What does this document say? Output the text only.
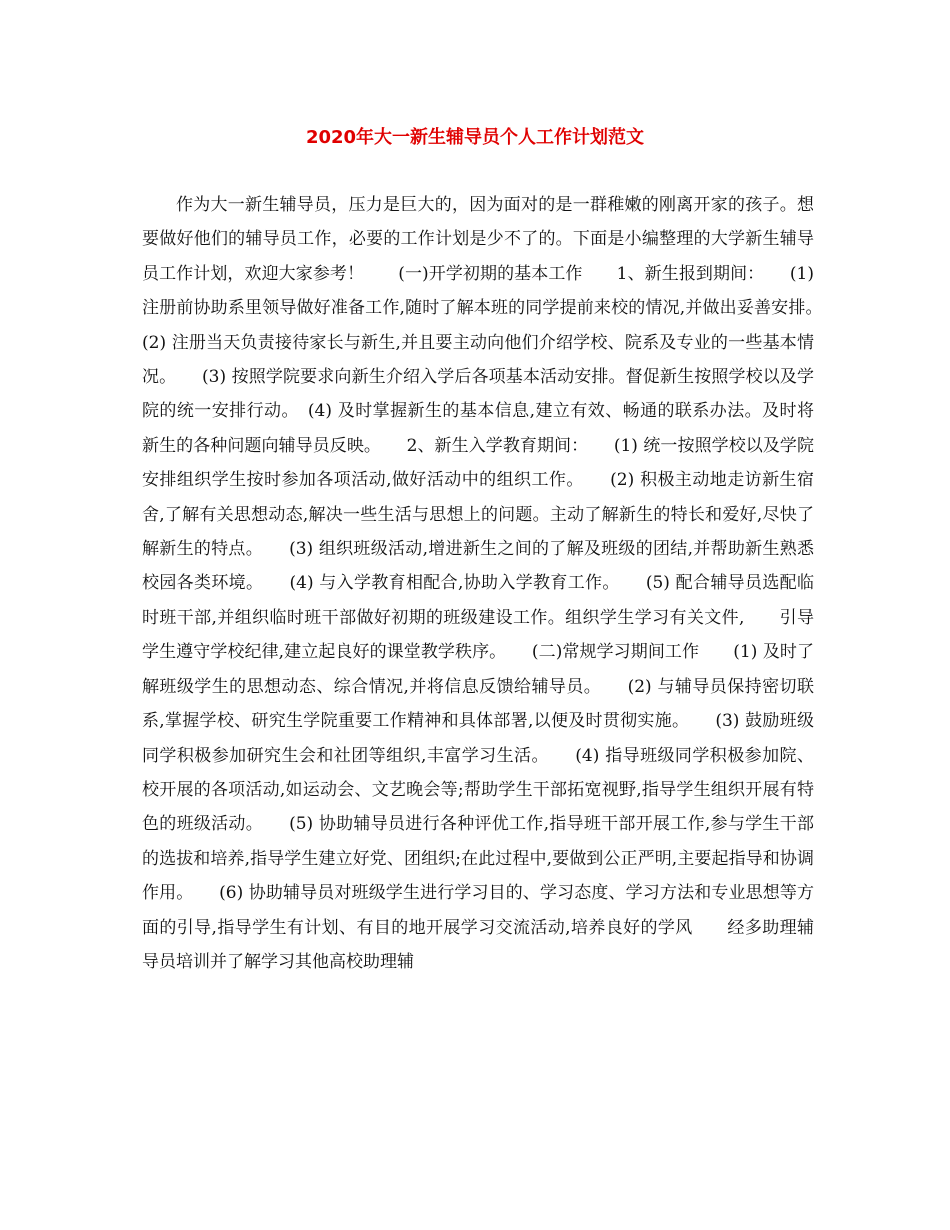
2020年大一新生辅导员个人工作计划范文

作为大一新生辅导员，压力是巨大的，因为面对的是一群稚嫩的刚离开家的孩子。想要做好他们的辅导员工作，必要的工作计划是少不了的。下面是小编整理的大学新生辅导员工作计划，欢迎大家参考！　　(一)开学初期的基本工作　　1、新生报到期间：　　(1) 注册前协助系里领导做好准备工作,随时了解本班的同学提前来校的情况,并做出妥善安排。　　(2) 注册当天负责接待家长与新生,并且要主动向他们介绍学校、院系及专业的一些基本情况。　　(3) 按照学院要求向新生介绍入学后各项基本活动安排。督促新生按照学校以及学院的统一安排行动。　(4) 及时掌握新生的基本信息,建立有效、畅通的联系办法。及时将新生的各种问题向辅导员反映。　　2、新生入学教育期间：　　(1) 统一按照学校以及学院安排组织学生按时参加各项活动,做好活动中的组织工作。　　(2) 积极主动地走访新生宿舍,了解有关思想动态,解决一些生活与思想上的问题。主动了解新生的特长和爱好,尽快了解新生的特点。　　(3) 组织班级活动,增进新生之间的了解及班级的团结,并帮助新生熟悉校园各类环境。　　(4) 与入学教育相配合,协助入学教育工作。　　(5) 配合辅导员选配临时班干部,并组织临时班干部做好初期的班级建设工作。组织学生学习有关文件,　　引导学生遵守学校纪律,建立起良好的课堂教学秩序。　　(二)常规学习期间工作　　(1) 及时了解班级学生的思想动态、综合情况,并将信息反馈给辅导员。　　(2) 与辅导员保持密切联系,掌握学校、研究生学院重要工作精神和具体部署,以便及时贯彻实施。　　(3) 鼓励班级同学积极参加研究生会和社团等组织,丰富学习生活。　　(4) 指导班级同学积极参加院、校开展的各项活动,如运动会、文艺晚会等;帮助学生干部拓宽视野,指导学生组织开展有特色的班级活动。　　(5) 协助辅导员进行各种评优工作,指导班干部开展工作,参与学生干部的选拔和培养,指导学生建立好党、团组织;在此过程中,要做到公正严明,主要起指导和协调作用。　　(6) 协助辅导员对班级学生进行学习目的、学习态度、学习方法和专业思想等方面的引导,指导学生有计划、有目的地开展学习交流活动,培养良好的学风　　经多助理辅导员培训并了解学习其他高校助理辅
